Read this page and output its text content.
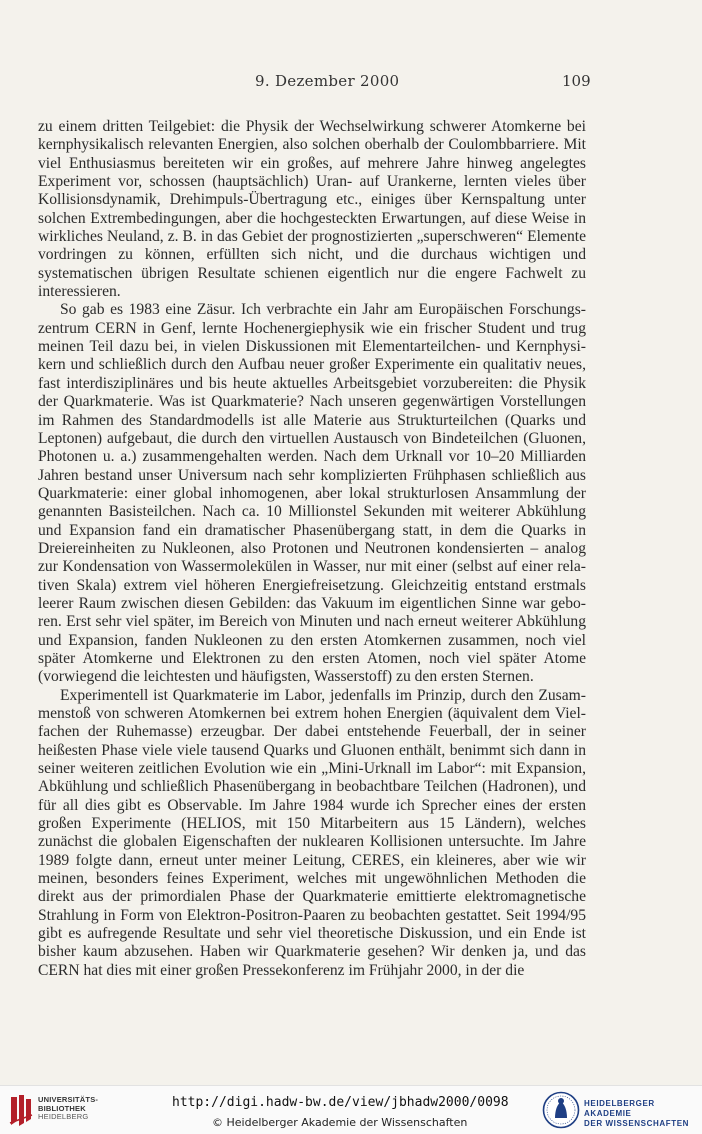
9. Dezember 2000	109

zu einem dritten Teilgebiet: die Physik der Wechselwirkung schwerer Atomkerne bei kernphysikalisch relevanten Energien, also solchen oberhalb der Coulombbarriere. Mit viel Enthusiasmus bereiteten wir ein großes, auf mehrere Jahre hinweg angelegtes Experiment vor, schossen (hauptsächlich) Uran- auf Urankerne, lernten vieles über Kollisionsdynamik, Drehimpuls-Übertragung etc., einiges über Kernspaltung unter solchen Extrembedingungen, aber die hochgesteckten Erwartungen, auf diese Weise in wirkliches Neuland, z. B. in das Gebiet der prognostizierten „superschweren“ Elemente vordringen zu können, erfüllten sich nicht, und die durchaus wichtigen und systematischen übrigen Resultate schienen eigentlich nur die engere Fachwelt zu interessieren.

So gab es 1983 eine Zäsur. Ich verbrachte ein Jahr am Europäischen Forschungszentrum CERN in Genf, lernte Hochenergiephysik wie ein frischer Student und trug meinen Teil dazu bei, in vielen Diskussionen mit Elementarteilchen- und Kernphysikern und schließlich durch den Aufbau neuer großer Experimente ein qualitativ neues, fast interdisziplinäres und bis heute aktuelles Arbeitsgebiet vorzubereiten: die Physik der Quarkmaterie. Was ist Quarkmaterie? Nach unseren gegenwärtigen Vorstellungen im Rahmen des Standardmodells ist alle Materie aus Strukturteilchen (Quarks und Leptonen) aufgebaut, die durch den virtuellen Austausch von Bindeteilchen (Gluonen, Photonen u. a.) zusammengehalten werden. Nach dem Urknall vor 10–20 Milliarden Jahren bestand unser Universum nach sehr komplizierten Frühphasen schließlich aus Quarkmaterie: einer global inhomogenen, aber lokal strukturlosen Ansammlung der genannten Basisteilchen. Nach ca. 10 Millionstel Sekunden mit weiterer Abkühlung und Expansion fand ein dramatischer Phasenübergang statt, in dem die Quarks in Dreiereinheiten zu Nukleonen, also Protonen und Neutronen kondensierten – analog zur Kondensation von Wassermolekülen in Wasser, nur mit einer (selbst auf einer relativen Skala) extrem viel höheren Energiefreisetzung. Gleichzeitig entstand erstmals leerer Raum zwischen diesen Gebilden: das Vakuum im eigentlichen Sinne war geboren. Erst sehr viel später, im Bereich von Minuten und nach erneut weiterer Abkühlung und Expansion, fanden Nukleonen zu den ersten Atomkernen zusammen, noch viel später Atomkerne und Elektronen zu den ersten Atomen, noch viel später Atome (vorwiegend die leichtesten und häufigsten, Wasserstoff) zu den ersten Sternen.

Experimentell ist Quarkmaterie im Labor, jedenfalls im Prinzip, durch den Zusammenstoß von schweren Atomkernen bei extrem hohen Energien (äquivalent dem Vielfachen der Ruhemasse) erzeugbar. Der dabei entstehende Feuerball, der in seiner heißesten Phase viele viele tausend Quarks und Gluonen enthält, benimmt sich dann in seiner weiteren zeitlichen Evolution wie ein „Mini-Urknall im Labor“: mit Expansion, Abkühlung und schließlich Phasenübergang in beobachtbare Teilchen (Hadronen), und für all dies gibt es Observable. Im Jahre 1984 wurde ich Sprecher eines der ersten großen Experimente (HELIOS, mit 150 Mitarbeitern aus 15 Ländern), welches zunächst die globalen Eigenschaften der nuklearen Kollisionen untersuchte. Im Jahre 1989 folgte dann, erneut unter meiner Leitung, CERES, ein kleineres, aber wie wir meinen, besonders feines Experiment, welches mit ungewöhnlichen Methoden die direkt aus der primordialen Phase der Quarkmaterie emittierte elektromagnetische Strahlung in Form von Elektron-Positron-Paaren zu beobachten gestattet. Seit 1994/95 gibt es aufregende Resultate und sehr viel theoretische Diskussion, und ein Ende ist bisher kaum abzusehen. Haben wir Quarkmaterie gesehen? Wir denken ja, und das CERN hat dies mit einer großen Pressekonferenz im Frühjahr 2000, in der die

UNIVERSITÄTS-
BIBLIOTHEK
HEIDELBERG
http://digi.hadw-bw.de/view/jbhadw2000/0098
© Heidelberger Akademie der Wissenschaften
HEIDELBERGER AKADEMIE
DER WISSENSCHAFTEN
